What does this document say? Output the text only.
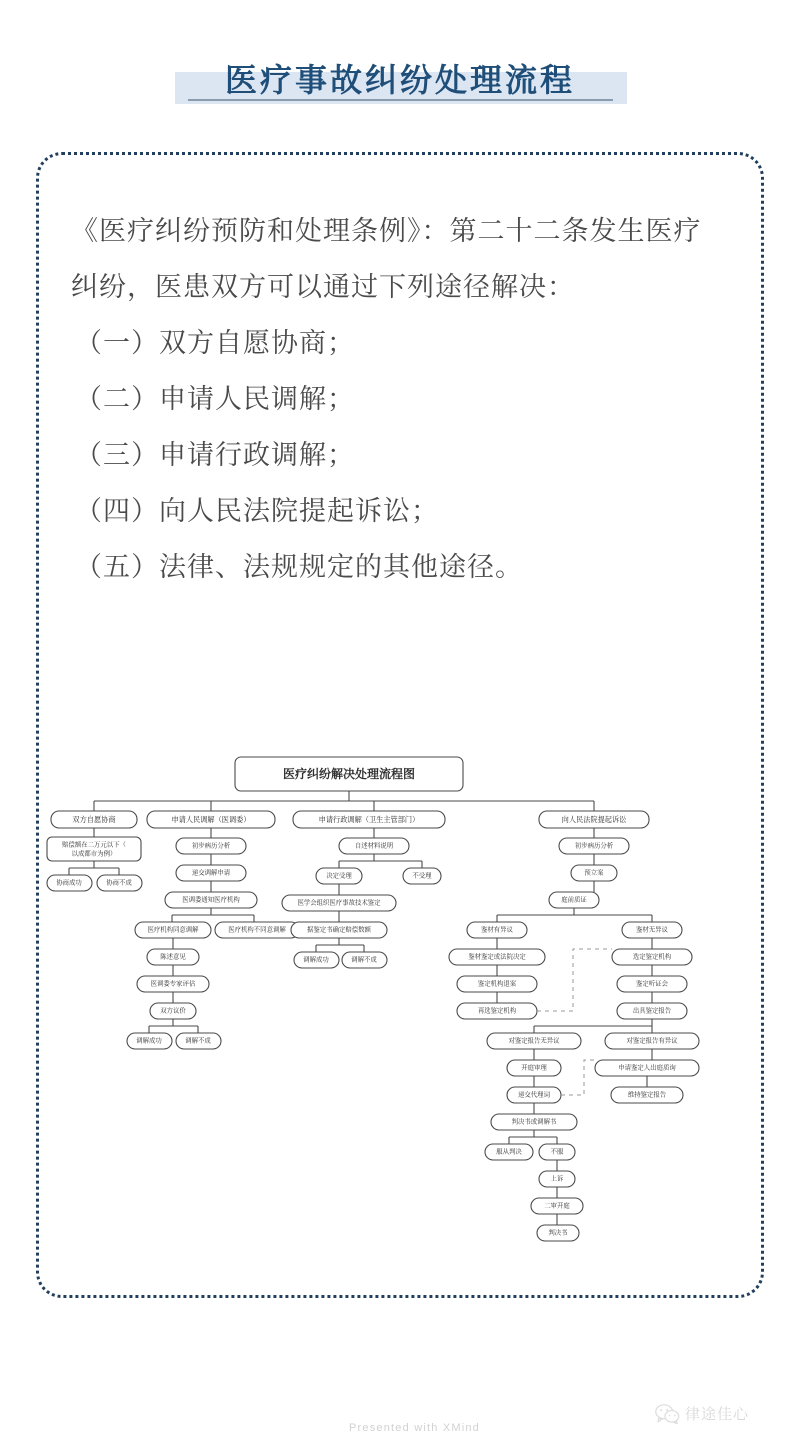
医疗事故纠纷处理流程

《医疗纠纷预防和处理条例》：第二十二条发生医疗纠纷，医患双方可以通过下列途径解决：

（一）双方自愿协商；

（二）申请人民调解；

（三）申请行政调解；

（四）向人民法院提起诉讼；

（五）法律、法规规定的其他途径。

医疗纠纷解决处理流程图
双方自愿协商
赔偿额在二万元以下（
以成都市为例）
协商成功	协商不成
申请人民调解（医调委）
初步病历分析
递交调解申请
医调委通知医疗机构
医疗机构同意调解	医疗机构不同意调解
陈述意见
医调委专家评估
双方议价
调解成功	调解不成
申请行政调解（卫生主管部门）
自述材料说明
决定受理	不受理
医学会组织医疗事故技术鉴定
据鉴定书确定赔偿数额
调解成功	调解不成
向人民法院提起诉讼
初步病历分析
预立案
庭前质证
鉴材有异议	鉴材无异议
鉴材鉴定或法院决定	选定鉴定机构
鉴定机构退案	鉴定听证会
再选鉴定机构	出具鉴定报告
对鉴定报告无异议	对鉴定报告有异议
开庭审理	申请鉴定人出庭质询
递交代理词	维持鉴定报告
判决书或调解书
服从判决	不服
上诉
二审开庭
判决书
Presented with XMind
律途佳心
